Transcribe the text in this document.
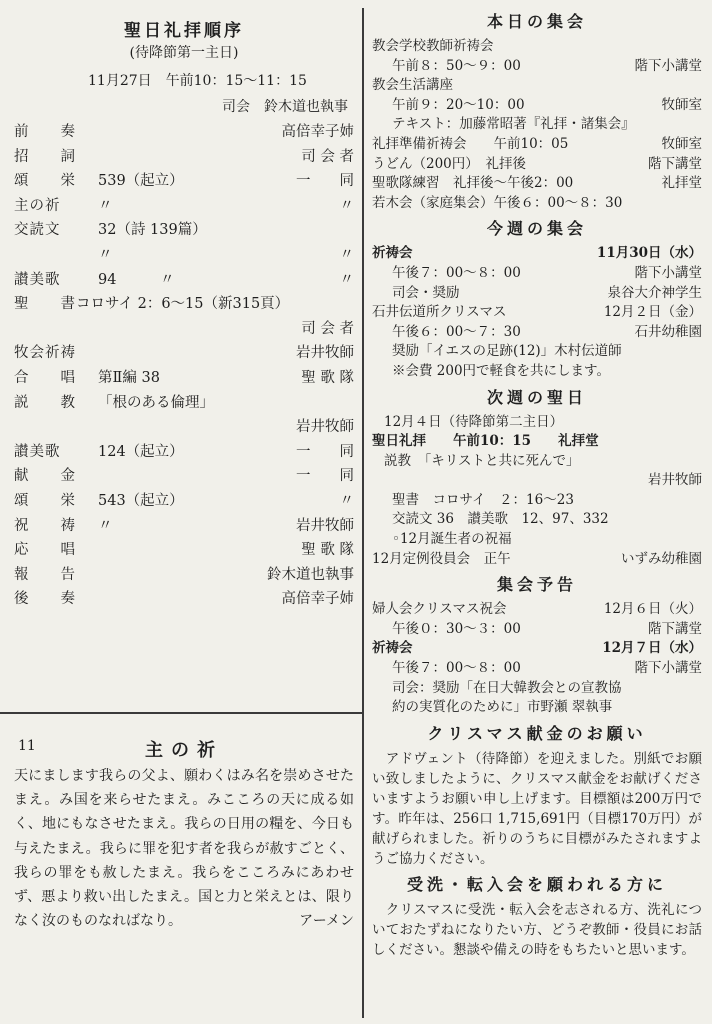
聖日礼拝順序
(待降節第一主日)
11月27日　午前10：15～11：15
司会　鈴木道也執事
前　　奏	高倍幸子姉
招　　詞	司 会 者
頌　　栄	539（起立）	一　　同
主の祈	〃	〃
交読文	32（詩 139篇）
〃	〃
讃美歌	94　　　〃	〃
聖　　書 コロサイ 2：6～15（新315頁）
司 会 者
牧会祈祷	岩井牧師
合　　唱	第Ⅱ編 38	聖 歌 隊
説　　教	「根のある倫理」
岩井牧師
讃美歌	124（起立）	一　　同
献　　金	一　　同
頌　　栄	543（起立）	〃
祝　　祷	〃	岩井牧師
応　　唱	聖 歌 隊
報　　告	鈴木道也執事
後　　奏	高倍幸子姉
11	主の祈
天にまします我らの父よ、願わくはみ名を崇めさせたまえ。み国を来らせたまえ。みこころの天に成る如く、地にもなさせたまえ。我らの日用の糧を、今日も与えたまえ。我らに罪を犯す者を我らが赦すごとく、我らの罪をも赦したまえ。我らをこころみにあわせず、悪より救い出したまえ。国と力と栄えとは、限りなく汝のものなればなり。	アーメン
本日の集会
教会学校教師祈祷会
午前８：50～９：00	階下小講堂
教会生活講座
午前９：20～10：00	牧師室
テキスト：加藤常昭著『礼拝・諸集会』
礼拝準備祈祷会　　午前10：05	牧師室
うどん（200円）　礼拝後	階下講堂
聖歌隊練習　礼拝後～午後2：00	礼拝堂
若木会（家庭集会）午後６：00～８：30
今週の集会
祈祷会	11月30日（水）
午後７：00～８：00	階下小講堂
司会・奨励	泉谷大介神学生
石井伝道所クリスマス	12月２日（金）
午後６：00～７：30	石井幼稚園
奨励「イエスの足跡(12)」木村伝道師
※会費 200円で軽食を共にします。
次週の聖日
12月４日（待降節第二主日）
聖日礼拝　　午前10：15　　礼拝堂
説教　「キリストと共に死んで」
岩井牧師
聖書　コロサイ　２：16～23
交読文 36　讃美歌　12、97、332
◦12月誕生者の祝福
12月定例役員会　正午	いずみ幼稚園
集会予告
婦人会クリスマス祝会	12月６日（火）
午後０：30～３：00	階下講堂
祈祷会	12月７日（水）
午後７：00～８：00	階下小講堂
司会：奨励「在日大韓教会との宣教協
約の実質化のために」市野瀬 翠執事
クリスマス献金のお願い
　アドヴェント（待降節）を迎えました。別紙でお願い致しましたように、クリスマス献金をお献げくださいますようお願い申し上げます。目標額は200万円です。昨年は、256口 1,715,691円（目標170万円）が献げられました。祈りのうちに目標がみたされますようご協力ください。
受洗・転入会を願われる方に
　クリスマスに受洗・転入会を志される方、洗礼についておたずねになりたい方、どうぞ教師・役員にお話しください。懇談や備えの時をもちたいと思います。
